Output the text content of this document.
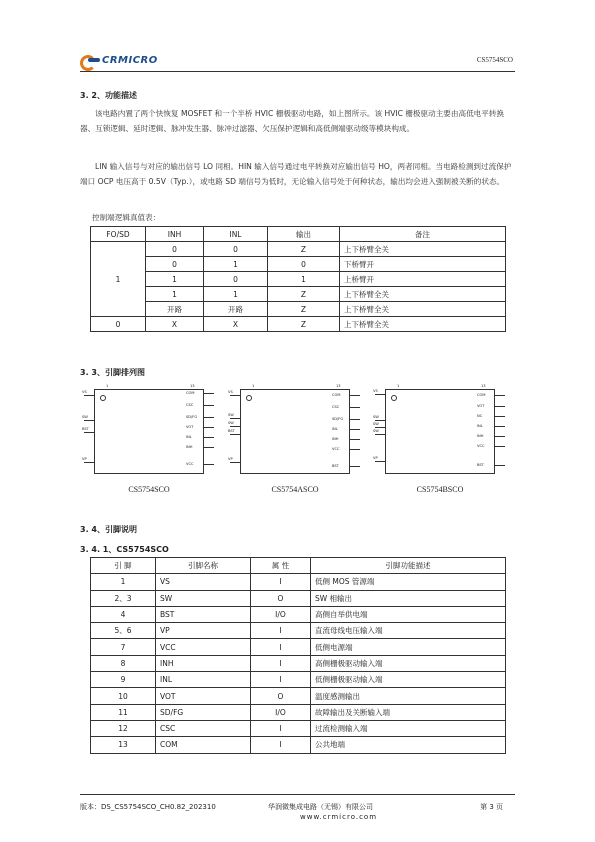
CRMICRO	CS5754SCO
3. 2、功能描述
该电路内置了两个快恢复 MOSFET 和一个半桥 HVIC 栅极驱动电路，如上图所示。该 HVIC 栅极驱动主要由高低电平转换器、互锁逻辑、延时逻辑、脉冲发生器、脉冲过滤器、欠压保护逻辑和高低侧端驱动级等模块构成。
LIN 输入信号与对应的输出信号 LO 同相。HIN 输入信号通过电平转换对应输出信号 HO，两者同相。当电路检测到过流保护端口 OCP 电压高于 0.5V（Typ.），或电路 SD 端信号为低时，无论输入信号处于何种状态，输出均会进入强制被关断的状态。
控制端逻辑真值表：
FO/SD	INH	INL	输出	备注
1	0	0	Z	上下桥臂全关
	0	1	0	下桥臂开
	1	0	1	上桥臂开
	1	1	Z	上下桥臂全关
	开路	开路	Z	上下桥臂全关
0	X	X	Z	上下桥臂全关
3. 3、引脚排列图
1	13
VS
SW
BST
VP
COM
CSC
SD/FG
VOT
INL
INH
VCC
CS5754SCO
1	13
VS
SW
SW
BST
VP
COM
CSC
SD/FG
INL
INH
VCC
BST
CS5754ASCO
1	13
VS
SW
SW
SW
VP
COM
VOT
NC
INL
INH
VCC
BST
CS5754BSCO
3. 4、引脚说明
3. 4. 1、CS5754SCO
引 脚	引脚名称	属 性	引脚功能描述
1	VS	I	低侧 MOS 管源端
2、3	SW	O	SW 相输出
4	BST	I/O	高侧自举供电端
5、6	VP	I	直流母线电压输入端
7	VCC	I	低侧电源端
8	INH	I	高侧栅极驱动输入端
9	INL	I	低侧栅极驱动输入端
10	VOT	O	温度感测输出
11	SD/FG	I/O	故障输出及关断输入端
12	CSC	I	过流检测输入端
13	COM	I	公共地端
版本：DS_CS5754SCO_CH0.82_202310	华润微集成电路（无锡）有限公司	第 3 页
www.crmicro.com
